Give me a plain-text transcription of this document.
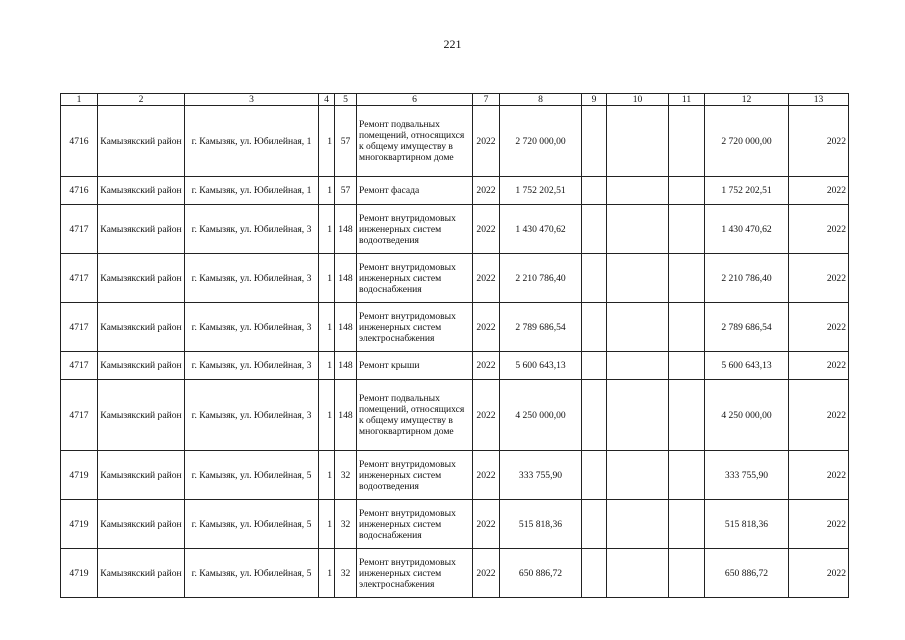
221
1	2	3	4	5	6	7	8	9	10	11	12	13
4716	Камызякский район	г. Камызяк, ул. Юбилейная, 1	1	57	Ремонт подвальных помещений, относящихся к общему имуществу в многоквартирном доме	2022	2 720 000,00				2 720 000,00	2022
4716	Камызякский район	г. Камызяк, ул. Юбилейная, 1	1	57	Ремонт фасада	2022	1 752 202,51				1 752 202,51	2022
4717	Камызякский район	г. Камызяк, ул. Юбилейная, 3	1	148	Ремонт внутридомовых инженерных систем водоотведения	2022	1 430 470,62				1 430 470,62	2022
4717	Камызякский район	г. Камызяк, ул. Юбилейная, 3	1	148	Ремонт внутридомовых инженерных систем водоснабжения	2022	2 210 786,40				2 210 786,40	2022
4717	Камызякский район	г. Камызяк, ул. Юбилейная, 3	1	148	Ремонт внутридомовых инженерных систем электроснабжения	2022	2 789 686,54				2 789 686,54	2022
4717	Камызякский район	г. Камызяк, ул. Юбилейная, 3	1	148	Ремонт крыши	2022	5 600 643,13				5 600 643,13	2022
4717	Камызякский район	г. Камызяк, ул. Юбилейная, 3	1	148	Ремонт подвальных помещений, относящихся к общему имуществу в многоквартирном доме	2022	4 250 000,00				4 250 000,00	2022
4719	Камызякский район	г. Камызяк, ул. Юбилейная, 5	1	32	Ремонт внутридомовых инженерных систем водоотведения	2022	333 755,90				333 755,90	2022
4719	Камызякский район	г. Камызяк, ул. Юбилейная, 5	1	32	Ремонт внутридомовых инженерных систем водоснабжения	2022	515 818,36				515 818,36	2022
4719	Камызякский район	г. Камызяк, ул. Юбилейная, 5	1	32	Ремонт внутридомовых инженерных систем электроснабжения	2022	650 886,72				650 886,72	2022
